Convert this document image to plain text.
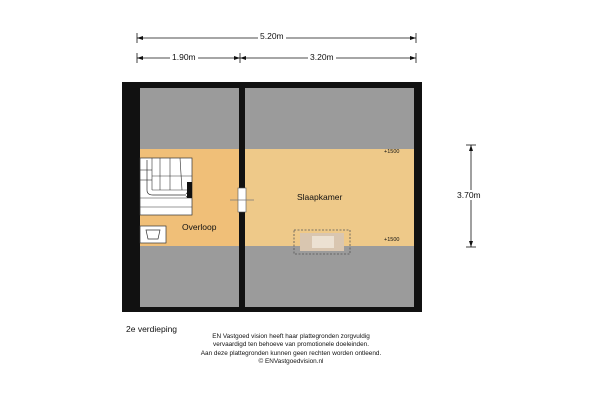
5.20m
1.90m	3.20m
3.70m
Slaapkamer
Overloop
+1500
+1500
2e verdieping
EN Vastgoed vision heeft haar plattegronden zorgvuldig
vervaardigd ten behoeve van promotionele doeleinden.
Aan deze plattegronden kunnen geen rechten worden ontleend.
© ENVastgoedvision.nl
